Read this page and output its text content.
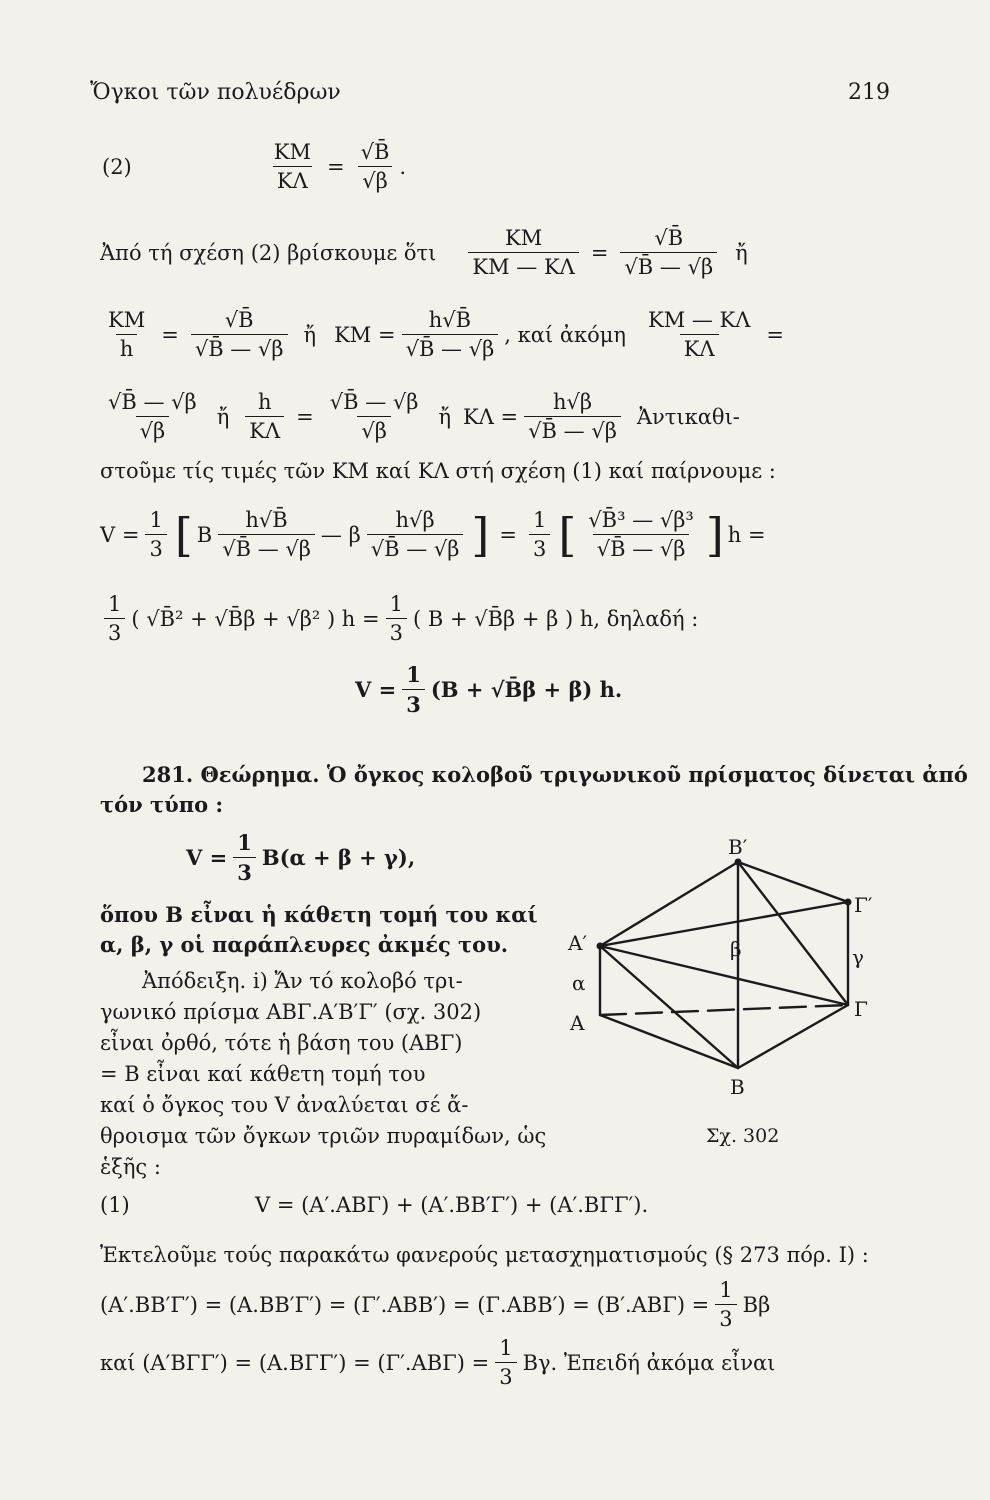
Ὄγκοι τῶν πολυέδρων	219
(2)	$\frac{KM}{K\Lambda} = \frac{√B̄}{√\beta}$ .
Ἀπό τή σχέση (2) βρίσκουμε ὅτι $\frac{KM}{KM — K\Lambda} = \frac{√B̄}{√B̄ — √\beta}$ ἤ
$\frac{KM}{h} = \frac{√B̄}{√B̄ — √\beta}$ ἤ $KM = \frac{h√B̄}{√B̄ — √\beta}$ , καί ἀκόμη $\frac{KM — K\Lambda}{K\Lambda}$ =
$\frac{√B̄ — √\beta}{√\beta}$ ἤ $\frac{h}{K\Lambda} = \frac{√B̄ — √\beta}{√\beta}$ ἤ $K\Lambda = \frac{h√\beta}{√B̄ — √\beta}$ Ἀντικαθι-
στοῦμε τίς τιμές τῶν ΚΜ καί ΚΛ στή σχέση (1) καί παίρνουμε :
$V = \frac{1}{3}$ [ B $\frac{h√B̄}{√B̄ — √\beta}$ — β $\frac{h√\beta}{√B̄ — √\beta}$ ] = $\frac{1}{3}$ [ $\frac{\text{√B̄³ — √β³}}{√B̄ — √\beta}$ ] h =
$\frac{1}{3}$ ( √B̄² + √B̄β + √β² ) $h = \frac{1}{3}$ ( B + √B̄β + β ) h, δηλαδή :
$V = \frac{1}{3} (B$ + √B̄β + β) h.
281. Θεώρημα. Ὁ ὄγκος κολοβοῦ τριγωνικοῦ πρίσματος δίνεται ἀπό
τόν τύπο :
$V = \frac{1}{3} B(\alpha + \beta + \gamma)$,
ὅπου B εἶναι ἡ κάθετη τομή του καί
α, β, γ οἱ παράπλευρες ἀκμές του.
Ἀπόδειξη. i) Ἄν τό κολοβό τρι-
γωνικό πρίσμα ΑΒΓ.Α′Β′Γ′ (σχ. 302)
εἶναι ὀρθό, τότε ἡ βάση του (ΑΒΓ)
= B εἶναι καί κάθετη τομή του
καί ὁ ὄγκος του V ἀναλύεται σέ ἄ-
θροισμα τῶν ὄγκων τριῶν πυραμίδων, ὡς
ἑξῆς :
B′
Γ′
A′
α
β	γ
A
Γ
B
Σχ. 302
(1)	V = (Α′.ΑΒΓ) + (Α′.ΒΒ′Γ′) + (Α′.ΒΓΓ′).
Ἐκτελοῦμε τούς παρακάτω φανερούς μετασχηματισμούς (§ 273 πόρ. I) :
$(A'.BB'\Gamma') = (A.BB'\Gamma') = (\Gamma'.ABB') = (\Gamma.ABB') = (B'.AB\Gamma) = \frac{1}{3}$ Bβ
καί $(A'B\Gamma\Gamma') = (A.B\Gamma\Gamma') = (\Gamma'.AB\Gamma) = \frac{1}{3} B\gamma$. Ἐπειδή ἀκόμα εἶναι
